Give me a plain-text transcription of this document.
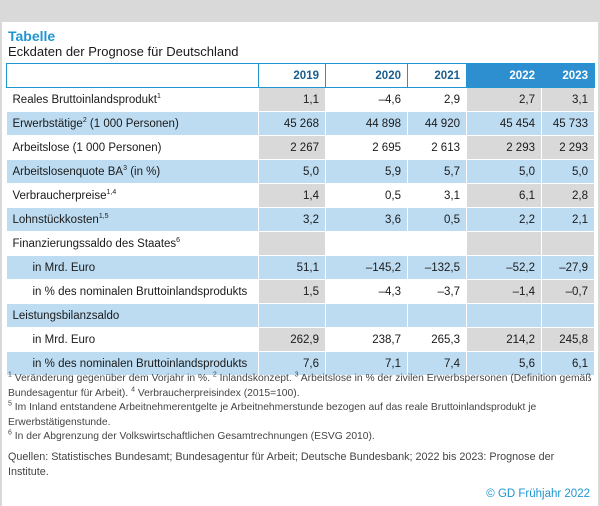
Tabelle
Eckdaten der Prognose für Deutschland
	2019	2020	2021	2022	2023
Reales Bruttoinlandsprodukt$^1$	1,1	–4,6	2,9	2,7	3,1
Erwerbstätige$^2$ (1 000 Personen)	45 268	44 898	44 920	45 454	45 733
Arbeitslose (1 000 Personen)	2 267	2 695	2 613	2 293	2 293
Arbeitslosenquote $BA^3$ (in %)	5,0	5,9	5,7	5,0	5,0
Verbraucherpreise$^{1,4}$	1,4	0,5	3,1	6,1	2,8
Lohnstückkosten$^{1,5}$	3,2	3,6	0,5	2,2	2,1
Finanzierungssaldo des Staates$^6$					
in Mrd. Euro	51,1	–145,2	–132,5	–52,2	–27,9
in % des nominalen Bruttoinlandsprodukts	1,5	–4,3	–3,7	–1,4	–0,7
Leistungsbilanzsaldo					
in Mrd. Euro	262,9	238,7	265,3	214,2	245,8
in % des nominalen Bruttoinlandsprodukts	7,6	7,1	7,4	5,6	6,1
$^1$ Veränderung gegenüber dem Vorjahr in %. $^2$ Inlandskonzept. $^3$ Arbeitslose in % der zivilen Erwerbspersonen (Definition gemäß Bundesagentur für Arbeit). $^4$ Verbraucherpreisindex (2015=100).
$^5$ Im Inland entstandene Arbeitnehmerentgelte je Arbeitnehmerstunde bezogen auf das reale Bruttoinlandsprodukt je Erwerbstätigenstunde.
$^6$ In der Abgrenzung der Volkswirtschaftlichen Gesamtrechnungen (ESVG 2010).
Quellen: Statistisches Bundesamt; Bundesagentur für Arbeit; Deutsche Bundesbank; 2022 bis 2023: Prognose der Institute.
© GD Frühjahr 2022
